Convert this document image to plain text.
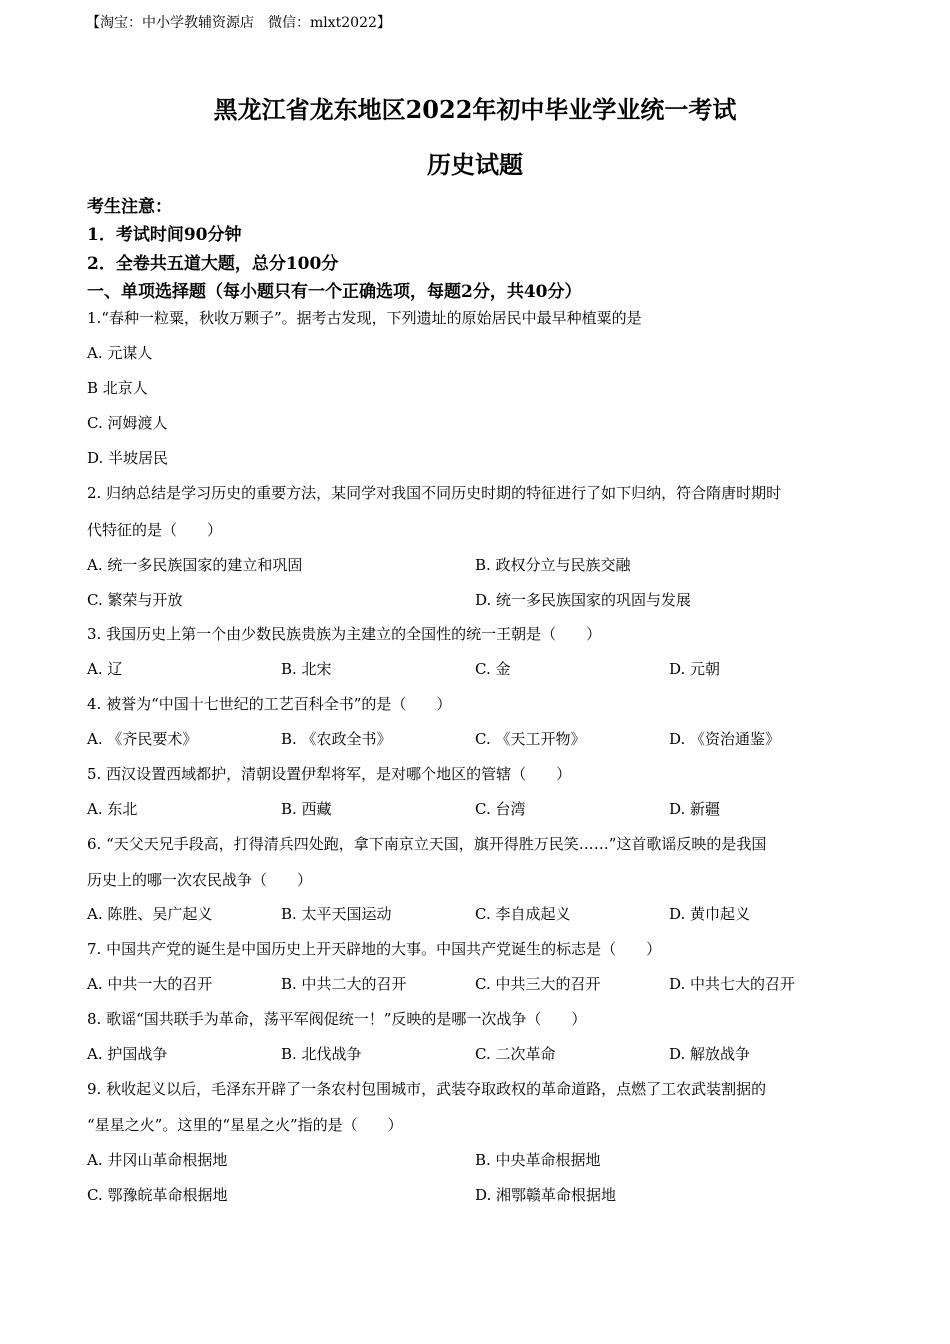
【淘宝：中小学教辅资源店　微信：mlxt2022】
黑龙江省龙东地区2022年初中毕业学业统一考试
历史试题
考生注意：
1．考试时间90分钟
2．全卷共五道大题，总分100分
一、单项选择题（每小题只有一个正确选项，每题2分，共40分）
1.“春种一粒粟，秋收万颗子”。据考古发现，下列遗址的原始居民中最早种植粟的是
A. 元谋人
B 北京人
C. 河姆渡人
D. 半坡居民
2. 归纳总结是学习历史的重要方法，某同学对我国不同历史时期的特征进行了如下归纳，符合隋唐时期时
代特征的是（　　）
A. 统一多民族国家的建立和巩固	B. 政权分立与民族交融
C. 繁荣与开放	D. 统一多民族国家的巩固与发展
3. 我国历史上第一个由少数民族贵族为主建立的全国性的统一王朝是（　　）
A. 辽	B. 北宋	C. 金	D. 元朝
4. 被誉为“中国十七世纪的工艺百科全书”的是（　　）
A. 《齐民要术》	B. 《农政全书》	C. 《天工开物》	D. 《资治通鉴》
5. 西汉设置西域都护，清朝设置伊犁将军，是对哪个地区的管辖（　　）
A. 东北	B. 西藏	C. 台湾	D. 新疆
6. “天父天兄手段高，打得清兵四处跑，拿下南京立天国，旗开得胜万民笑……”这首歌谣反映的是我国
历史上的哪一次农民战争（　　）
A. 陈胜、吴广起义	B. 太平天国运动	C. 李自成起义	D. 黄巾起义
7. 中国共产党的诞生是中国历史上开天辟地的大事。中国共产党诞生的标志是（　　）
A. 中共一大的召开	B. 中共二大的召开	C. 中共三大的召开	D. 中共七大的召开
8. 歌谣“国共联手为革命，荡平军阀促统一！”反映的是哪一次战争（　　）
A. 护国战争	B. 北伐战争	C. 二次革命	D. 解放战争
9. 秋收起义以后，毛泽东开辟了一条农村包围城市，武装夺取政权的革命道路，点燃了工农武装割据的
“星星之火”。这里的“星星之火”指的是（　　）
A. 井冈山革命根据地	B. 中央革命根据地
C. 鄂豫皖革命根据地	D. 湘鄂赣革命根据地
